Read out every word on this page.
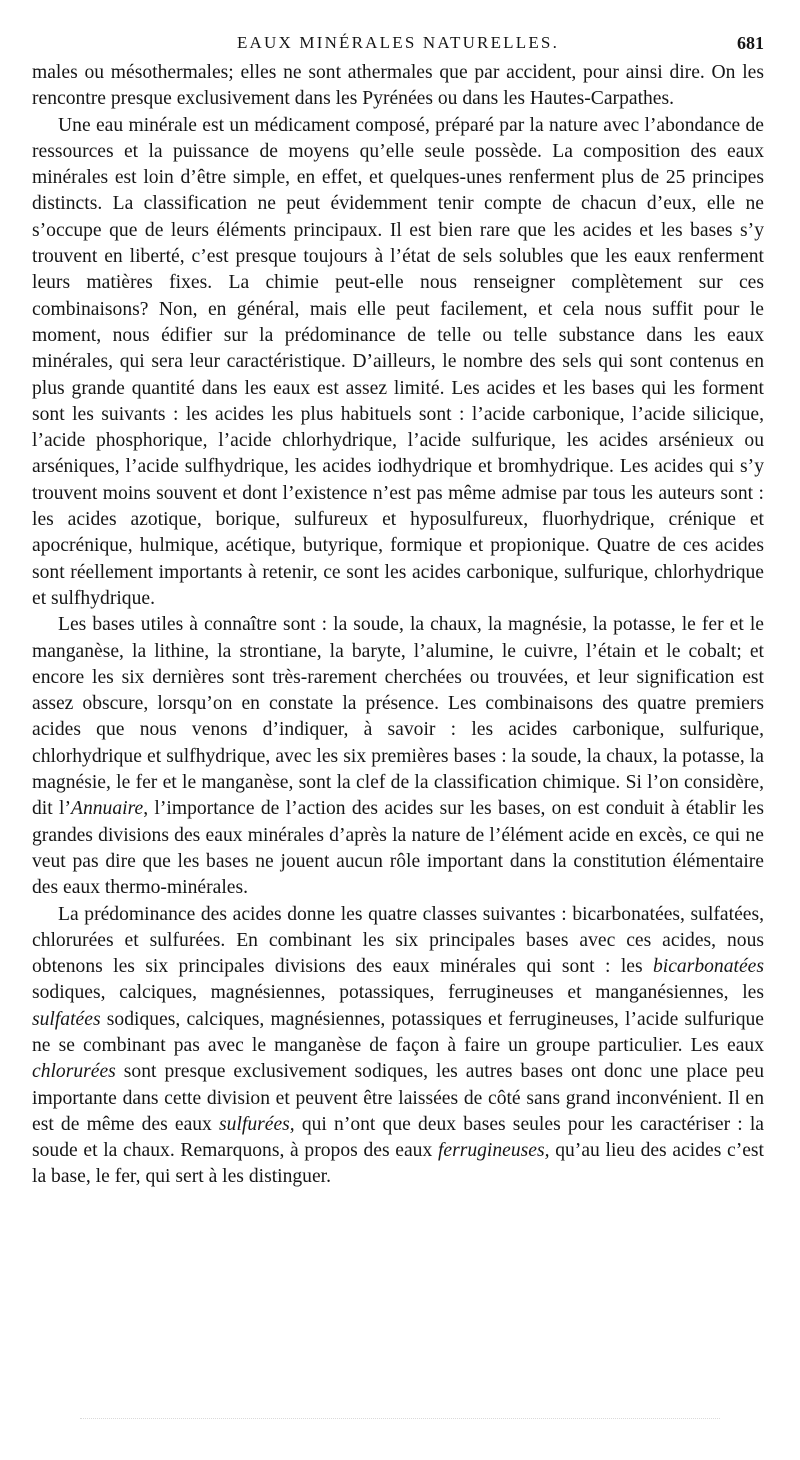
EAUX MINÉRALES NATURELLES.	681

males ou mésothermales; elles ne sont athermales que par accident, pour ainsi dire. On les rencontre presque exclusivement dans les Pyrénées ou dans les Hautes-Carpathes.

Une eau minérale est un médicament composé, préparé par la nature avec l’abondance de ressources et la puissance de moyens qu’elle seule possède. La composition des eaux minérales est loin d’être simple, en effet, et quelques-unes renferment plus de 25 principes distincts. La classification ne peut évidemment tenir compte de chacun d’eux, elle ne s’occupe que de leurs éléments principaux. Il est bien rare que les acides et les bases s’y trouvent en liberté, c’est presque toujours à l’état de sels solubles que les eaux renferment leurs matières fixes. La chimie peut-elle nous renseigner complètement sur ces combinaisons? Non, en général, mais elle peut facilement, et cela nous suffit pour le moment, nous édifier sur la prédominance de telle ou telle substance dans les eaux minérales, qui sera leur caractéristique. D’ailleurs, le nombre des sels qui sont contenus en plus grande quantité dans les eaux est assez limité. Les acides et les bases qui les forment sont les suivants : les acides les plus habituels sont : l’acide carbonique, l’acide silicique, l’acide phosphorique, l’acide chlorhydrique, l’acide sulfurique, les acides arsénieux ou arséniques, l’acide sulfhydrique, les acides iodhydrique et bromhydrique. Les acides qui s’y trouvent moins souvent et dont l’existence n’est pas même admise par tous les auteurs sont : les acides azotique, borique, sulfureux et hyposulfureux, fluorhydrique, crénique et apocrénique, hulmique, acétique, butyrique, formique et propionique. Quatre de ces acides sont réellement importants à retenir, ce sont les acides carbonique, sulfurique, chlorhydrique et sulfhydrique.

Les bases utiles à connaître sont : la soude, la chaux, la magnésie, la potasse, le fer et le manganèse, la lithine, la strontiane, la baryte, l’alumine, le cuivre, l’étain et le cobalt; et encore les six dernières sont très-rarement cherchées ou trouvées, et leur signification est assez obscure, lorsqu’on en constate la présence. Les combinaisons des quatre premiers acides que nous venons d’indiquer, à savoir : les acides carbonique, sulfurique, chlorhydrique et sulfhydrique, avec les six premières bases : la soude, la chaux, la potasse, la magnésie, le fer et le manganèse, sont la clef de la classification chimique. Si l’on considère, dit l’Annuaire, l’importance de l’action des acides sur les bases, on est conduit à établir les grandes divisions des eaux minérales d’après la nature de l’élément acide en excès, ce qui ne veut pas dire que les bases ne jouent aucun rôle important dans la constitution élémentaire des eaux thermo-minérales.

La prédominance des acides donne les quatre classes suivantes : bicarbonatées, sulfatées, chlorurées et sulfurées. En combinant les six principales bases avec ces acides, nous obtenons les six principales divisions des eaux minérales qui sont : les bicarbonatées sodiques, calciques, magnésiennes, potassiques, ferrugineuses et manganésiennes, les sulfatées sodiques, calciques, magnésiennes, potassiques et ferrugineuses, l’acide sulfurique ne se combinant pas avec le manganèse de façon à faire un groupe particulier. Les eaux chlorurées sont presque exclusivement sodiques, les autres bases ont donc une place peu importante dans cette division et peuvent être laissées de côté sans grand inconvénient. Il en est de même des eaux sulfurées, qui n’ont que deux bases seules pour les caractériser : la soude et la chaux. Remarquons, à propos des eaux ferrugineuses, qu’au lieu des acides c’est la base, le fer, qui sert à les distinguer.
